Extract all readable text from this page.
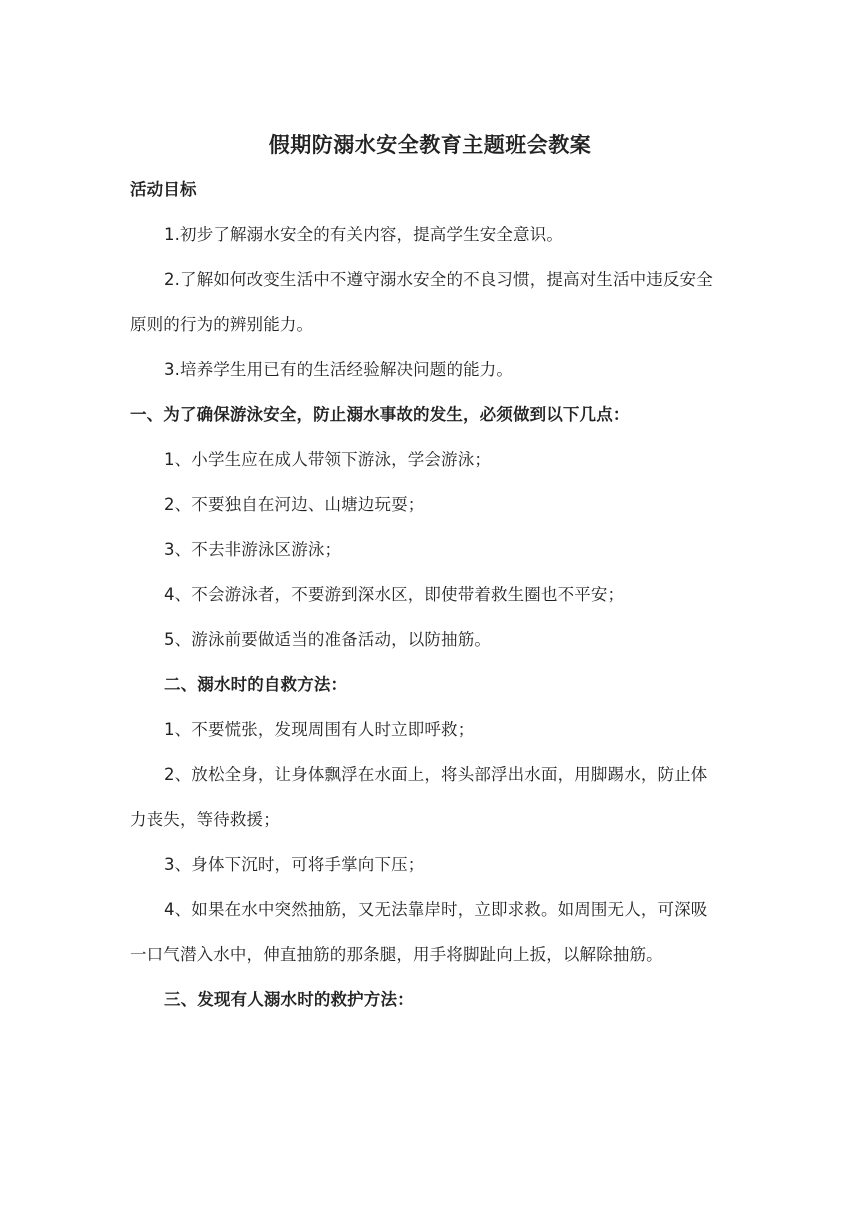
假期防溺水安全教育主题班会教案
活动目标
1.初步了解溺水安全的有关内容，提高学生安全意识。
2.了解如何改变生活中不遵守溺水安全的不良习惯，提高对生活中违反安全
原则的行为的辨别能力。
3.培养学生用已有的生活经验解决问题的能力。
一、为了确保游泳安全，防止溺水事故的发生，必须做到以下几点：
1、小学生应在成人带领下游泳，学会游泳；
2、不要独自在河边、山塘边玩耍；
3、不去非游泳区游泳；
4、不会游泳者，不要游到深水区，即使带着救生圈也不平安；
5、游泳前要做适当的准备活动，以防抽筋。
二、溺水时的自救方法：
1、不要慌张，发现周围有人时立即呼救；
2、放松全身，让身体飘浮在水面上，将头部浮出水面，用脚踢水，防止体
力丧失，等待救援；
3、身体下沉时，可将手掌向下压；
4、如果在水中突然抽筋，又无法靠岸时，立即求救。如周围无人，可深吸
一口气潜入水中，伸直抽筋的那条腿，用手将脚趾向上扳，以解除抽筋。
三、发现有人溺水时的救护方法：
